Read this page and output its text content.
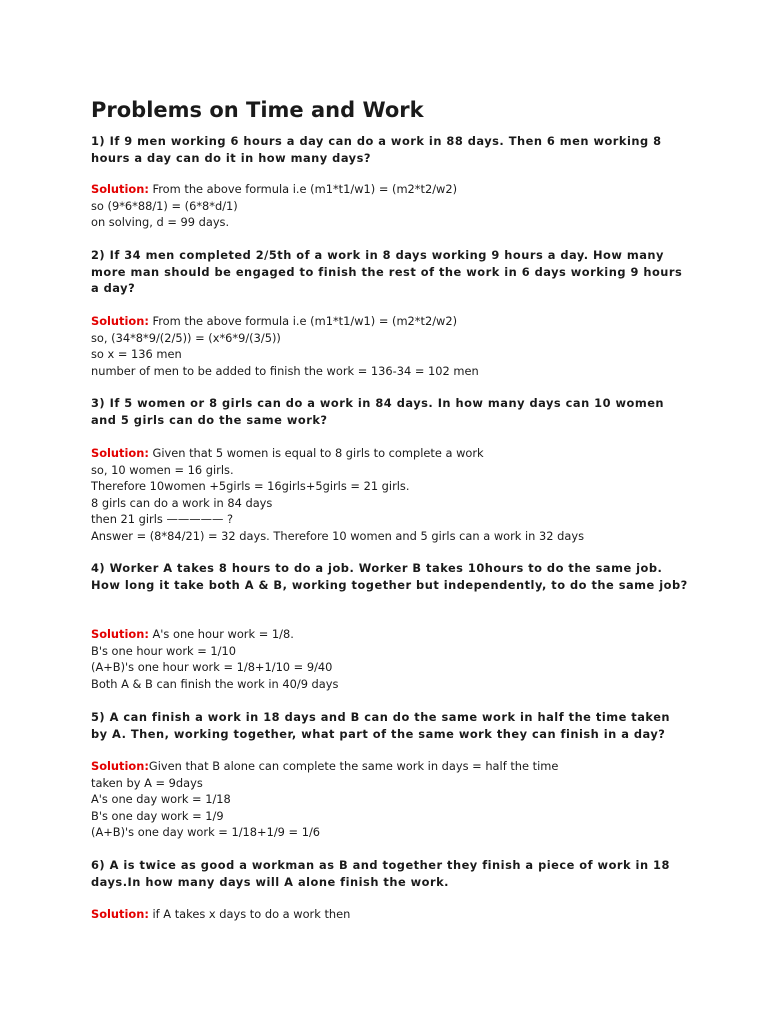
Problems on Time and Work
1) If 9 men working 6 hours a day can do a work in 88 days. Then 6 men working 8 hours a day can do it in how many days?
Solution: From the above formula i.e (m1*t1/w1) = (m2*t2/w2)
so (9*6*88/1) = (6*8*d/1)
on solving, d = 99 days.
2) If 34 men completed 2/5th of a work in 8 days working 9 hours a day. How many more man should be engaged to finish the rest of the work in 6 days working 9 hours a day?
Solution: From the above formula i.e (m1*t1/w1) = (m2*t2/w2)
so, (34*8*9/(2/5)) = (x*6*9/(3/5))
so x = 136 men
number of men to be added to finish the work = 136-34 = 102 men
3) If 5 women or 8 girls can do a work in 84 days. In how many days can 10 women and 5 girls can do the same work?
Solution: Given that 5 women is equal to 8 girls to complete a work
so, 10 women = 16 girls.
Therefore 10women +5girls = 16girls+5girls = 21 girls.
8 girls can do a work in 84 days
then 21 girls ————— ?
Answer = (8*84/21) = 32 days. Therefore 10 women and 5 girls can a work in 32 days
4) Worker A takes 8 hours to do a job. Worker B takes 10hours to do the same job. How long it take both A & B, working together but independently, to do the same job?
Solution: A's one hour work = 1/8.
B's one hour work = 1/10
(A+B)'s one hour work = 1/8+1/10 = 9/40
Both A & B can finish the work in 40/9 days
5) A can finish a work in 18 days and B can do the same work in half the time taken by A. Then, working together, what part of the same work they can finish in a day?
Solution:Given that B alone can complete the same work in days = half the time
taken by A = 9days
A's one day work = 1/18
B's one day work = 1/9
(A+B)'s one day work = 1/18+1/9 = 1/6
6) A is twice as good a workman as B and together they finish a piece of work in 18 days.In how many days will A alone finish the work.
Solution: if A takes x days to do a work then
